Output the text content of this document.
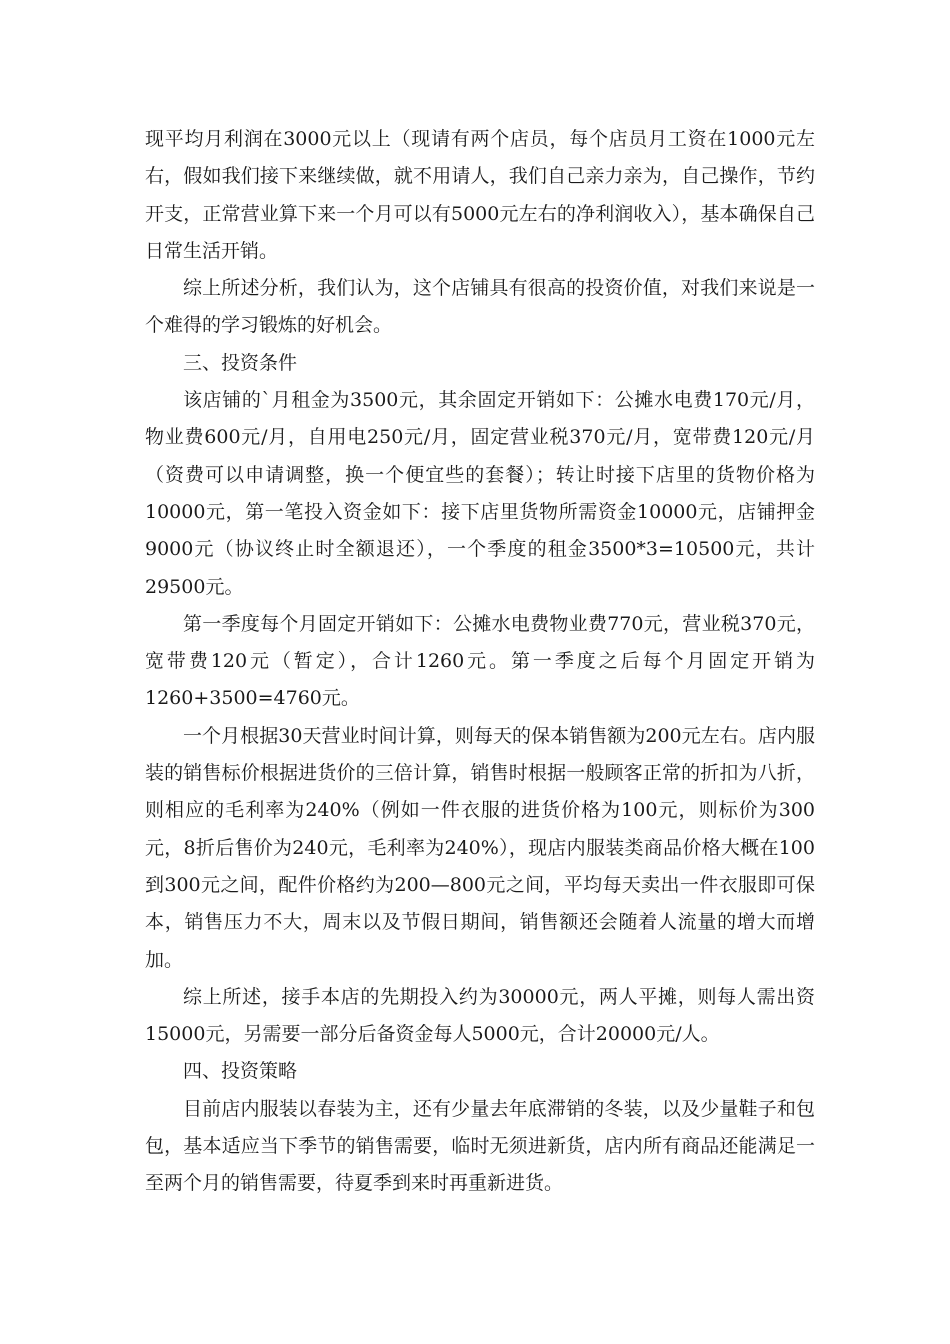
现平均月利润在3000元以上（现请有两个店员，每个店员月工资在1000元左右，假如我们接下来继续做，就不用请人，我们自己亲力亲为，自己操作，节约开支，正常营业算下来一个月可以有5000元左右的净利润收入），基本确保自己日常生活开销。

综上所述分析，我们认为，这个店铺具有很高的投资价值，对我们来说是一个难得的学习锻炼的好机会。

三、投资条件

该店铺的`月租金为3500元，其余固定开销如下：公摊水电费170元/月，物业费600元/月，自用电250元/月，固定营业税370元/月，宽带费120元/月（资费可以申请调整，换一个便宜些的套餐）；转让时接下店里的货物价格为10000元，第一笔投入资金如下：接下店里货物所需资金10000元，店铺押金9000元（协议终止时全额退还），一个季度的租金3500*3=10500元，共计29500元。

第一季度每个月固定开销如下：公摊水电费物业费770元，营业税370元，宽带费120元（暂定），合计1260元。第一季度之后每个月固定开销为1260+3500=4760元。

一个月根据30天营业时间计算，则每天的保本销售额为200元左右。店内服装的销售标价根据进货价的三倍计算，销售时根据一般顾客正常的折扣为八折，则相应的毛利率为240%（例如一件衣服的进货价格为100元，则标价为300元，8折后售价为240元，毛利率为240%），现店内服装类商品价格大概在100到300元之间，配件价格约为200—800元之间，平均每天卖出一件衣服即可保本，销售压力不大，周末以及节假日期间，销售额还会随着人流量的增大而增加。

综上所述，接手本店的先期投入约为30000元，两人平摊，则每人需出资15000元，另需要一部分后备资金每人5000元，合计20000元/人。

四、投资策略

目前店内服装以春装为主，还有少量去年底滞销的冬装，以及少量鞋子和包包，基本适应当下季节的销售需要，临时无须进新货，店内所有商品还能满足一至两个月的销售需要，待夏季到来时再重新进货。
